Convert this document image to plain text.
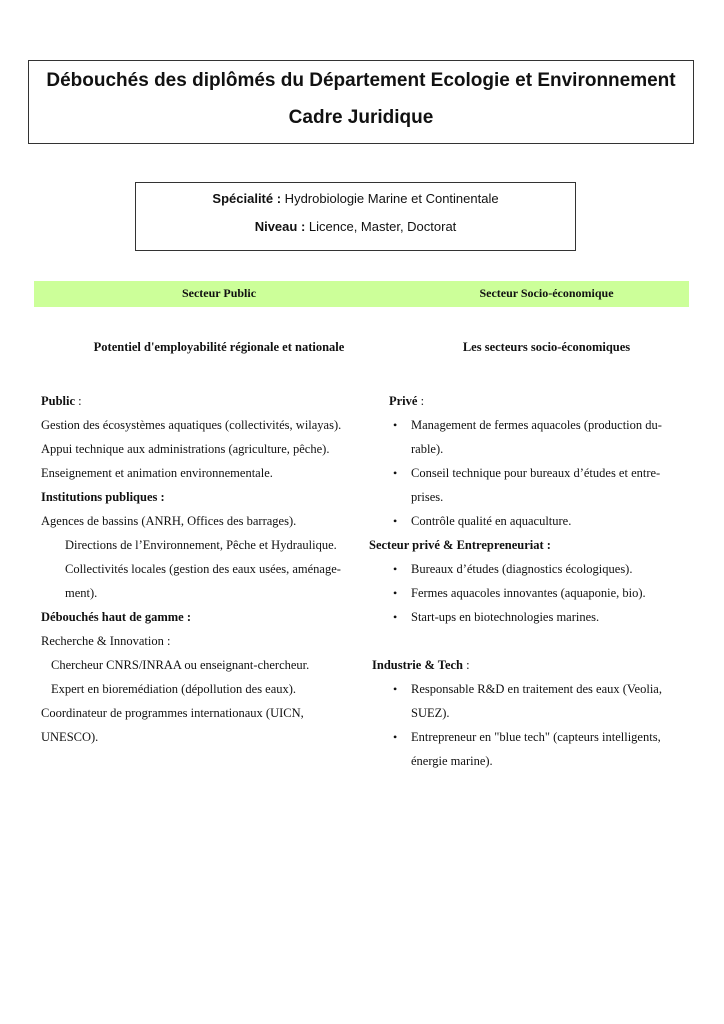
Débouchés des diplômés du Département Ecologie et Environnement
Cadre Juridique
Spécialité : Hydrobiologie Marine et Continentale
Niveau : Licence, Master, Doctorat
Secteur Public	Secteur Socio-économique
Potentiel d'employabilité régionale et nationale	Les secteurs socio-économiques
Public :
Gestion des écosystèmes aquatiques (collectivités, wilayas).
Appui technique aux administrations (agriculture, pêche).
Enseignement et animation environnementale.
Institutions publiques :
Agences de bassins (ANRH, Offices des barrages).
Directions de l’Environnement, Pêche et Hydraulique.
Collectivités locales (gestion des eaux usées, aménage-
ment).
Débouchés haut de gamme :
Recherche & Innovation :
Chercheur CNRS/INRAA ou enseignant-chercheur.
Expert en bioremédiation (dépollution des eaux).
Coordinateur de programmes internationaux (UICN,
UNESCO).
Privé :
• Management de fermes aquacoles (production du-
rable).
• Conseil technique pour bureaux d’études et entre-
prises.
• Contrôle qualité en aquaculture.
Secteur privé & Entrepreneuriat :
• Bureaux d’études (diagnostics écologiques).
• Fermes aquacoles innovantes (aquaponie, bio).
• Start-ups en biotechnologies marines.
Industrie & Tech :
• Responsable R&D en traitement des eaux (Veolia,
SUEZ).
• Entrepreneur en "blue tech" (capteurs intelligents,
énergie marine).
